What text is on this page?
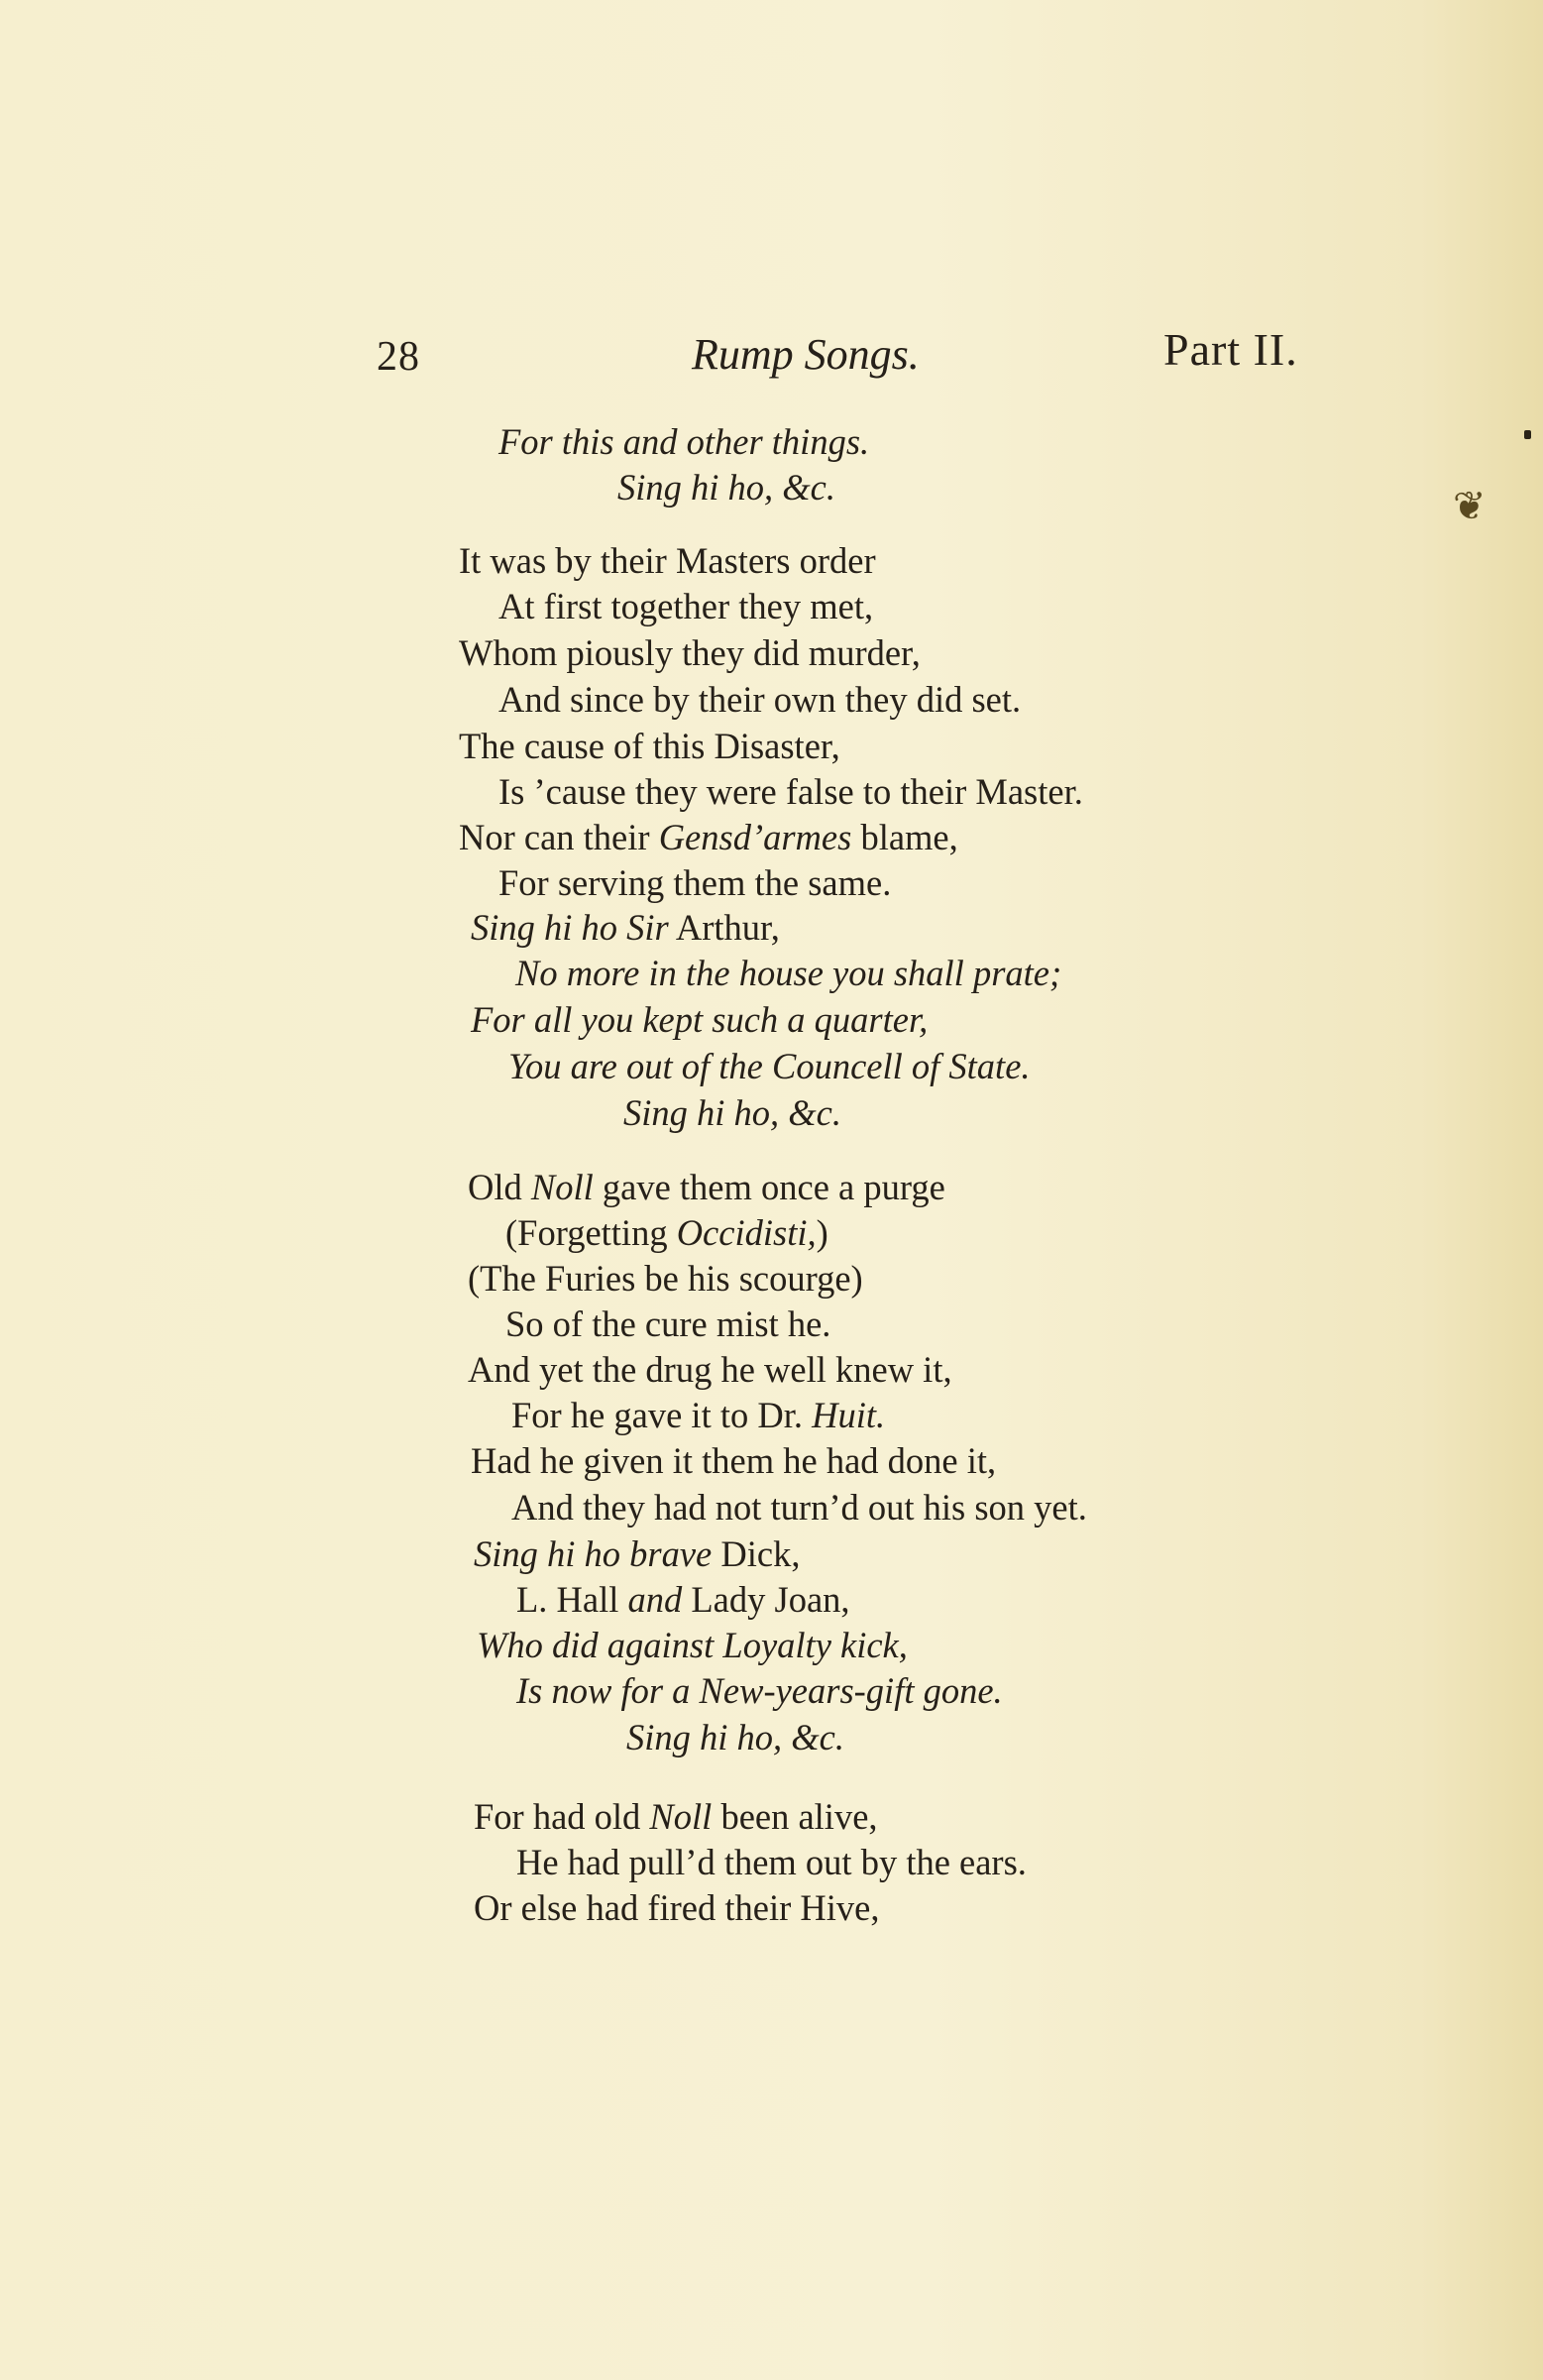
28	Rump Songs.	Part II.
For this and other things.
Sing hi ho, &c.
It was by their Masters order
At first together they met,
Whom piously they did murder,
And since by their own they did set.
The cause of this Disaster,
Is ’cause they were false to their Master.
Nor can their Gensd’armes blame,
For serving them the same.
Sing hi ho Sir Arthur,
No more in the house you shall prate;
For all you kept such a quarter,
You are out of the Councell of State.
Sing hi ho, &c.
Old Noll gave them once a purge
(Forgetting Occidisti,)
(The Furies be his scourge)
So of the cure mist he.
And yet the drug he well knew it,
For he gave it to Dr. Huit.
Had he given it them he had done it,
And they had not turn’d out his son yet.
Sing hi ho brave Dick,
L. Hall and Lady Joan,
Who did against Loyalty kick,
Is now for a New-years-gift gone.
Sing hi ho, &c.
For had old Noll been alive,
He had pull’d them out by the ears.
Or else had fired their Hive,
❦
